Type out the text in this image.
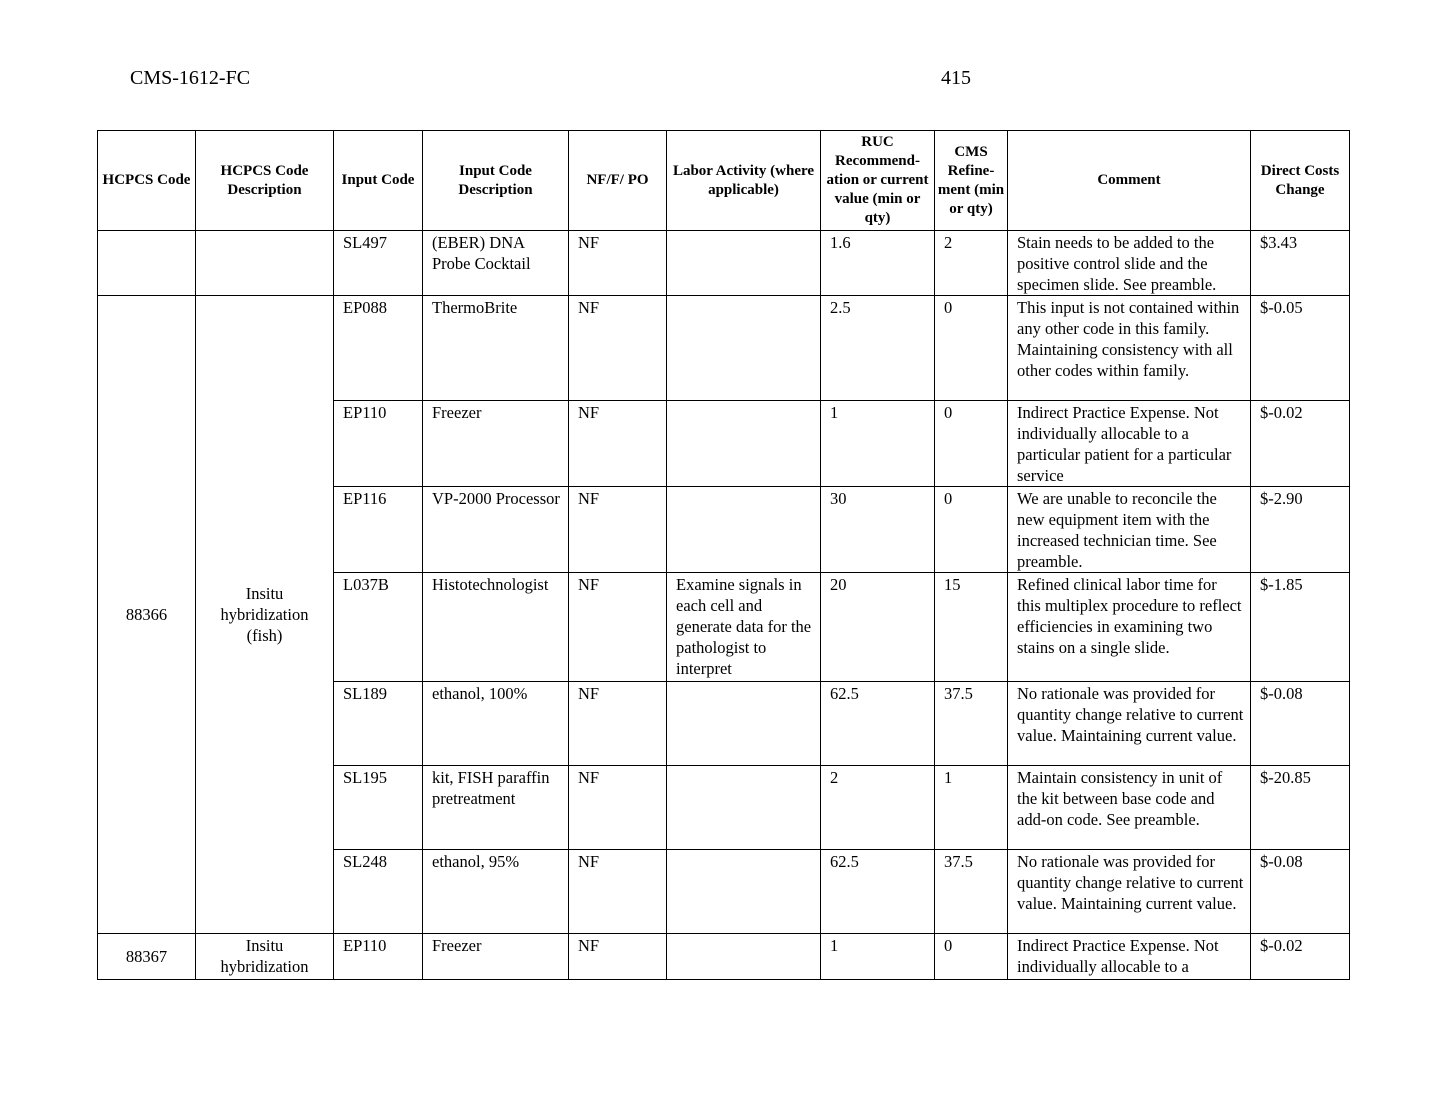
CMS-1612-FC	415
HCPCS Code	HCPCS Code Description	Input Code	Input Code Description	NF/F/ PO	Labor Activity (where applicable)	RUC Recommend-ation or current value (min or qty)	CMS Refine-ment (min or qty)	Comment	Direct Costs Change
		SL497	(EBER) DNA Probe Cocktail	NF		1.6	2	Stain needs to be added to the positive control slide and the specimen slide. See preamble.	$3.43
88366	Insitu hybridization (fish)	EP088	ThermoBrite	NF		2.5	0	This input is not contained within any other code in this family. Maintaining consistency with all other codes within family.	$-0.05
		EP110	Freezer	NF		1	0	Indirect Practice Expense. Not individually allocable to a particular patient for a particular service	$-0.02
		EP116	VP-2000 Processor	NF		30	0	We are unable to reconcile the new equipment item with the increased technician time. See preamble.	$-2.90
		L037B	Histotechnologist	NF	Examine signals in each cell and generate data for the pathologist to interpret	20	15	Refined clinical labor time for this multiplex procedure to reflect efficiencies in examining two stains on a single slide.	$-1.85
		SL189	ethanol, 100%	NF		62.5	37.5	No rationale was provided for quantity change relative to current value. Maintaining current value.	$-0.08
		SL195	kit, FISH paraffin pretreatment	NF		2	1	Maintain consistency in unit of the kit between base code and add-on code. See preamble.	$-20.85
		SL248	ethanol, 95%	NF		62.5	37.5	No rationale was provided for quantity change relative to current value. Maintaining current value.	$-0.08
88367	Insitu hybridization	EP110	Freezer	NF		1	0	Indirect Practice Expense. Not individually allocable to a	$-0.02
